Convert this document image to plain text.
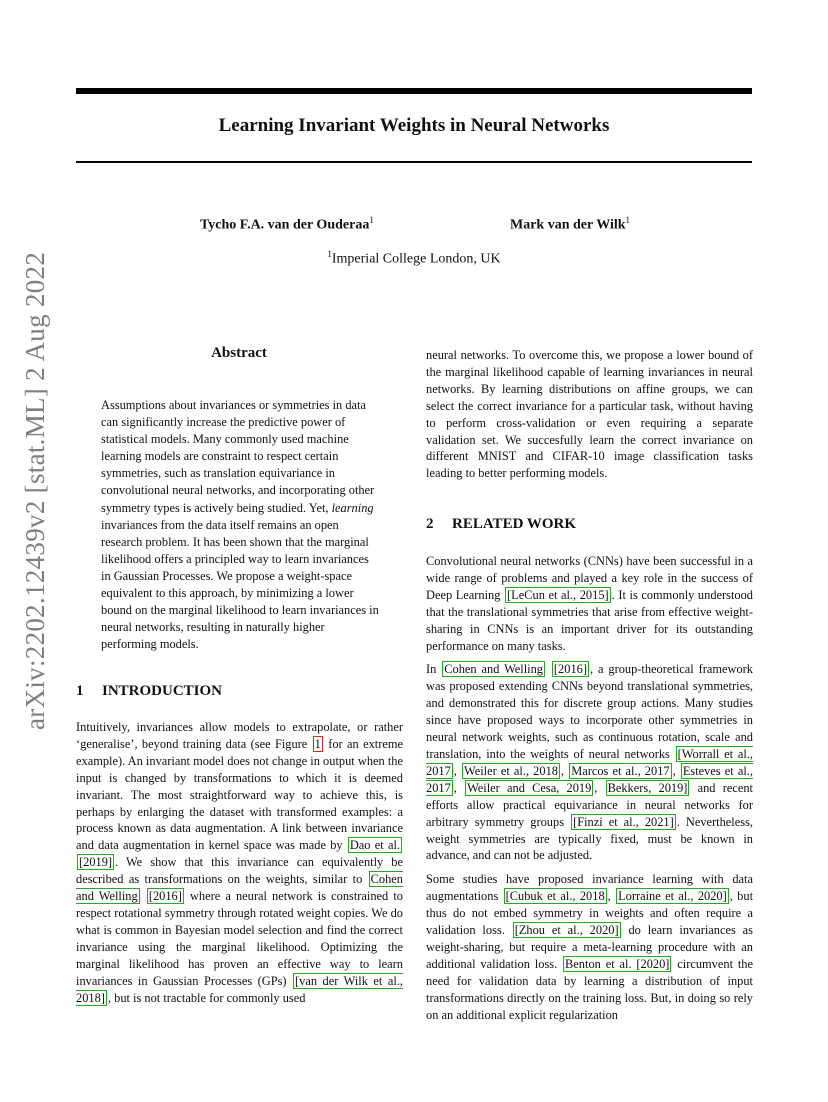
Learning Invariant Weights in Neural Networks
Tycho F.A. van der Ouderaa$^1$	Mark van der Wilk$^1$
$^1$Imperial College London, UK
arXiv:2202.12439v2 [stat.ML] 2 Aug 2022	Abstract
Assumptions about invariances or symmetries in data can significantly increase the predictive power of statistical models. Many commonly used machine learning models are constraint to respect certain symmetries, such as translation equivariance in convolutional neural networks, and incorporating other symmetry types is actively being studied. Yet, learning invariances from the data itself remains an open research problem. It has been shown that the marginal likelihood offers a principled way to learn invariances in Gaussian Processes. We propose a weight-space equivalent to this approach, by minimizing a lower bound on the marginal likelihood to learn invariances in neural networks, resulting in naturally higher performing models.
1 INTRODUCTION

Intuitively, invariances allow models to extrapolate, or rather ‘generalise’, beyond training data (see Figure 1 for an extreme example). An invariant model does not change in output when the input is changed by transformations to which it is deemed invariant. The most straightforward way to achieve this, is perhaps by enlarging the dataset with transformed examples: a process known as data augmentation. A link between invariance and data augmentation in kernel space was made by Dao et al. [2019] . We show that this invariance can equivalently be described as transformations on the weights, similar to Cohen and Welling [2016] where a neural network is constrained to respect rotational symmetry through rotated weight copies. We do what is common in Bayesian model selection and find the correct invariance using the marginal likelihood. Optimizing the marginal likelihood has proven an effective way to learn invariances in Gaussian Processes (GPs) [van der Wilk et al., 2018] , but is not tractable for commonly used

neural networks. To overcome this, we propose a lower bound of the marginal likelihood capable of learning invariances in neural networks. By learning distributions on affine groups, we can select the correct invariance for a particular task, without having to perform cross-validation or even requiring a separate validation set. We succesfully learn the correct invariance on different MNIST and CIFAR-10 image classification tasks leading to better performing models.

2 RELATED WORK

Convolutional neural networks (CNNs) have been successful in a wide range of problems and played a key role in the success of Deep Learning [LeCun et al., 2015] . It is commonly understood that the translational symmetries that arise from effective weight-sharing in CNNs is an important driver for its outstanding performance on many tasks.

In Cohen and Welling [2016] , a group-theoretical framework was proposed extending CNNs beyond translational symmetries, and demonstrated this for discrete group actions. Many studies since have proposed ways to incorporate other symmetries in neural network weights, such as continuous rotation, scale and translation, into the weights of neural networks [Worrall et al., 2017 , Weiler et al., 2018 , Marcos et al., 2017 , Esteves et al., 2017 , Weiler and Cesa, 2019 , Bekkers, 2019] and recent efforts allow practical equivariance in neural networks for arbitrary symmetry groups [Finzi et al., 2021] . Nevertheless, weight symmetries are typically fixed, must be known in advance, and can not be adjusted.

Some studies have proposed invariance learning with data augmentations [Cubuk et al., 2018 , Lorraine et al., 2020] , but thus do not embed symmetry in weights and often require a validation loss. [Zhou et al., 2020] do learn invariances as weight-sharing, but require a meta-learning procedure with an additional validation loss. Benton et al. [2020] circumvent the need for validation data by learning a distribution of input transformations directly on the training loss. But, in doing so rely on an additional explicit regularization
